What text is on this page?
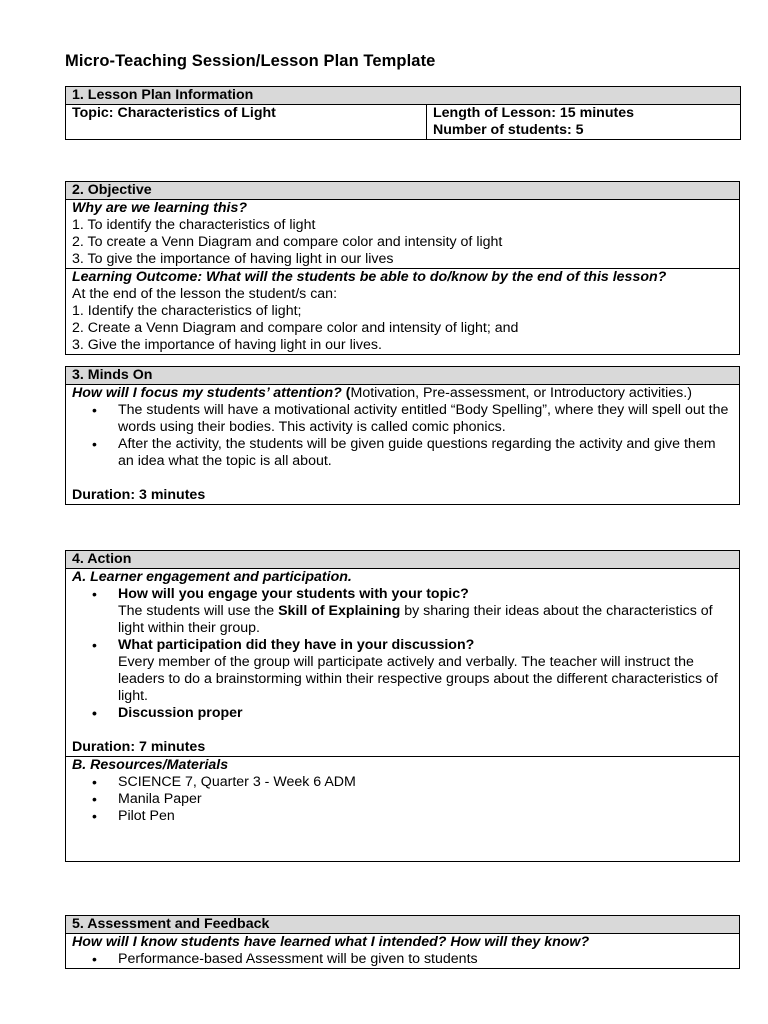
Micro-Teaching Session/Lesson Plan Template
1. Lesson Plan Information
Topic: Characteristics of Light	Length of Lesson: 15 minutes
Number of students: 5
2. Objective

Why are we learning this?
1. To identify the characteristics of light
2. To create a Venn Diagram and compare color and intensity of light
3. To give the importance of having light in our lives

Learning Outcome: What will the students be able to do/know by the end of this lesson?
At the end of the lesson the student/s can:
1. Identify the characteristics of light;
2. Create a Venn Diagram and compare color and intensity of light; and
3. Give the importance of having light in our lives.
3. Minds On

How will I focus my students’ attention? (Motivation, Pre-assessment, or Introductory activities.)
• The students will have a motivational activity entitled “Body Spelling”, where they will spell out the words using their bodies. This activity is called comic phonics.
• After the activity, the students will be given guide questions regarding the activity and give them an idea what the topic is all about.
Duration: 3 minutes
4. Action

A. Learner engagement and participation.
• How will you engage your students with your topic?
The students will use the Skill of Explaining by sharing their ideas about the characteristics of light within their group.
• What participation did they have in your discussion?
Every member of the group will participate actively and verbally. The teacher will instruct the leaders to do a brainstorming within their respective groups about the different characteristics of light.
• Discussion proper
Duration: 7 minutes

B. Resources/Materials
• SCIENCE 7, Quarter 3 - Week 6 ADM
• Manila Paper
• Pilot Pen
5. Assessment and Feedback

How will I know students have learned what I intended? How will they know?
• Performance-based Assessment will be given to students
